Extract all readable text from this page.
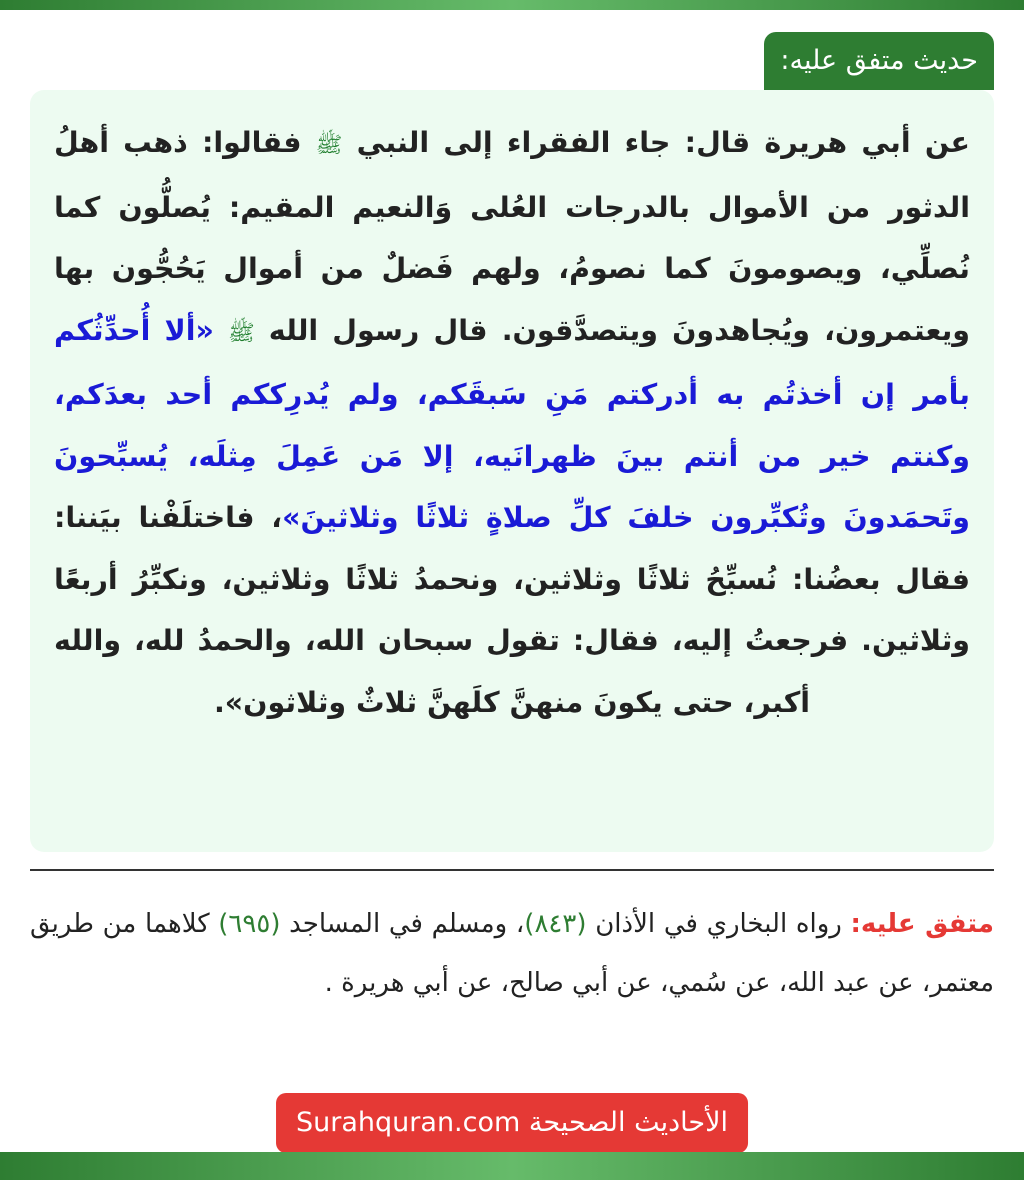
حديث متفق عليه:

عن أبي هريرة قال: جاء الفقراء إلى النبي ﷺ فقالوا: ذهب أهلُ الدثور من الأموال بالدرجات العُلى وَالنعيم المقيم: يُصلُّون كما نُصلِّي، ويصومونَ كما نصومُ، ولهم فَضلٌ من أموال يَحُجُّون بها ويعتمرون، ويُجاهدونَ ويتصدَّقون. قال رسول الله ﷺ «ألا أُحدِّثُكم بأمر إن أخذتُم به أدركتم مَنِ سَبقَكم، ولم يُدرِككم أحد بعدَكم، وكنتم خير من أنتم بينَ ظهرانَيه، إلا مَن عَمِلَ مِثلَه، يُسبِّحونَ وتَحمَدونَ وتُكبِّرون خلفَ كلِّ صلاةٍ ثلاثًا وثلاثينَ»، فاختلَفْنا بيَننا: فقال بعضُنا: نُسبِّحُ ثلاثًا وثلاثين، ونحمدُ ثلاثًا وثلاثين، ونكبِّرُ أربعًا وثلاثين. فرجعتُ إليه، فقال: تقول سبحان الله، والحمدُ لله، والله أكبر، حتى يكونَ منهنَّ كلَهنَّ ثلاثٌ وثلاثون».

متفق عليه: رواه البخاري في الأذان (٨٤٣)، ومسلم في المساجد (٦٩٥) كلاهما من طريق معتمر، عن عبد الله، عن سُمي، عن أبي صالح، عن أبي هريرة .

الأحاديث الصحيحة Surahquran.com
